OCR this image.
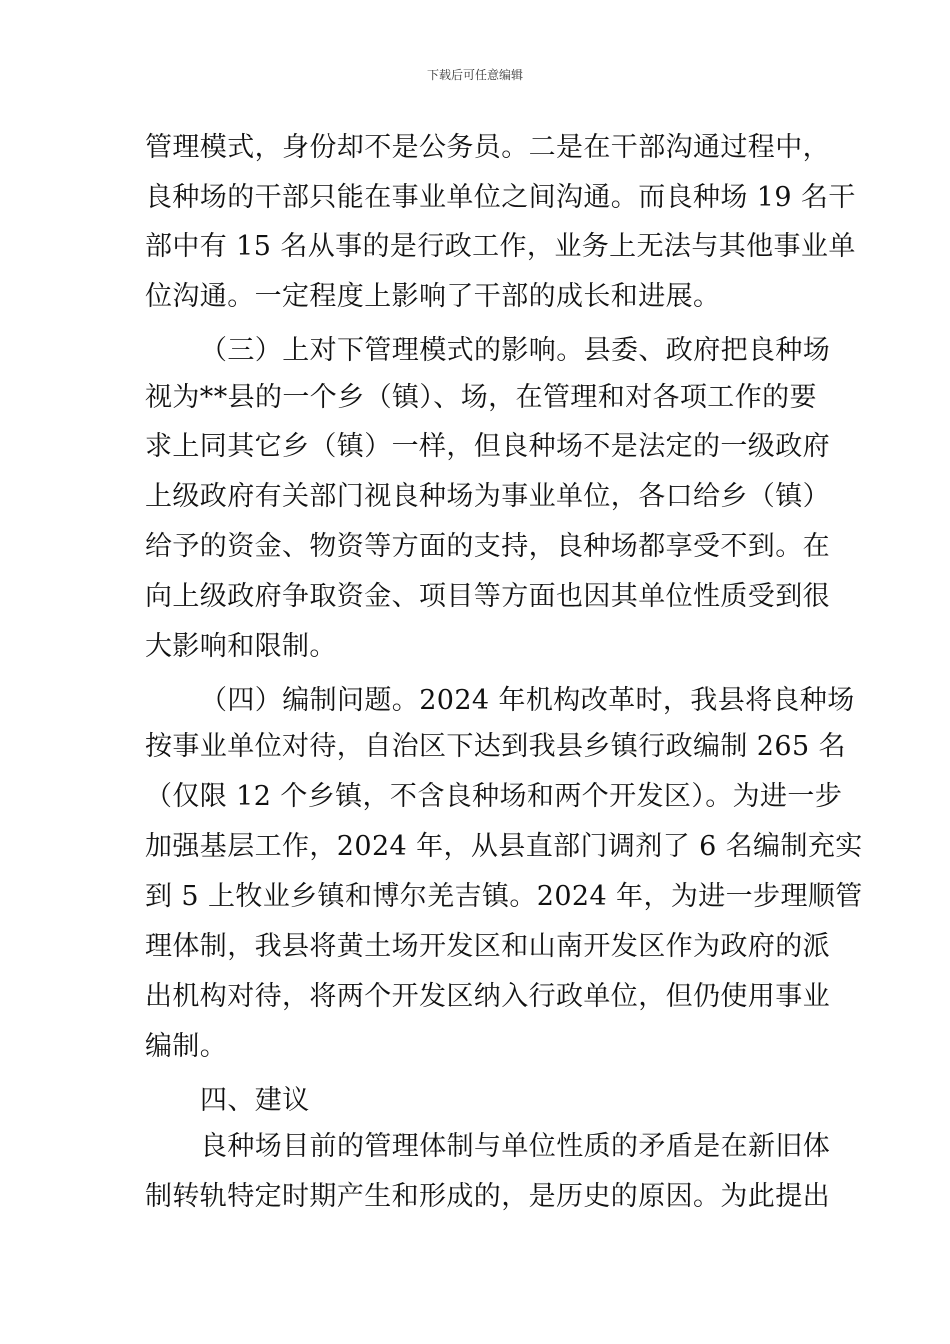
下载后可任意编辑
管理模式，身份却不是公务员。二是在干部沟通过程中，
良种场的干部只能在事业单位之间沟通。而良种场 19 名干
部中有 15 名从事的是行政工作，业务上无法与其他事业单
位沟通。一定程度上影响了干部的成长和进展。
（三）上对下管理模式的影响。县委、政府把良种场
视为**县的一个乡（镇）、场，在管理和对各项工作的要
求上同其它乡（镇）一样，但良种场不是法定的一级政府
上级政府有关部门视良种场为事业单位，各口给乡（镇）
给予的资金、物资等方面的支持，良种场都享受不到。在
向上级政府争取资金、项目等方面也因其单位性质受到很
大影响和限制。
（四）编制问题。2024 年机构改革时，我县将良种场
按事业单位对待，自治区下达到我县乡镇行政编制 265 名
（仅限 12 个乡镇，不含良种场和两个开发区）。为进一步
加强基层工作，2024 年，从县直部门调剂了 6 名编制充实
到 5 上牧业乡镇和博尔羌吉镇。2024 年，为进一步理顺管
理体制，我县将黄土场开发区和山南开发区作为政府的派
出机构对待，将两个开发区纳入行政单位，但仍使用事业
编制。
四、建议
良种场目前的管理体制与单位性质的矛盾是在新旧体
制转轨特定时期产生和形成的，是历史的原因。为此提出
